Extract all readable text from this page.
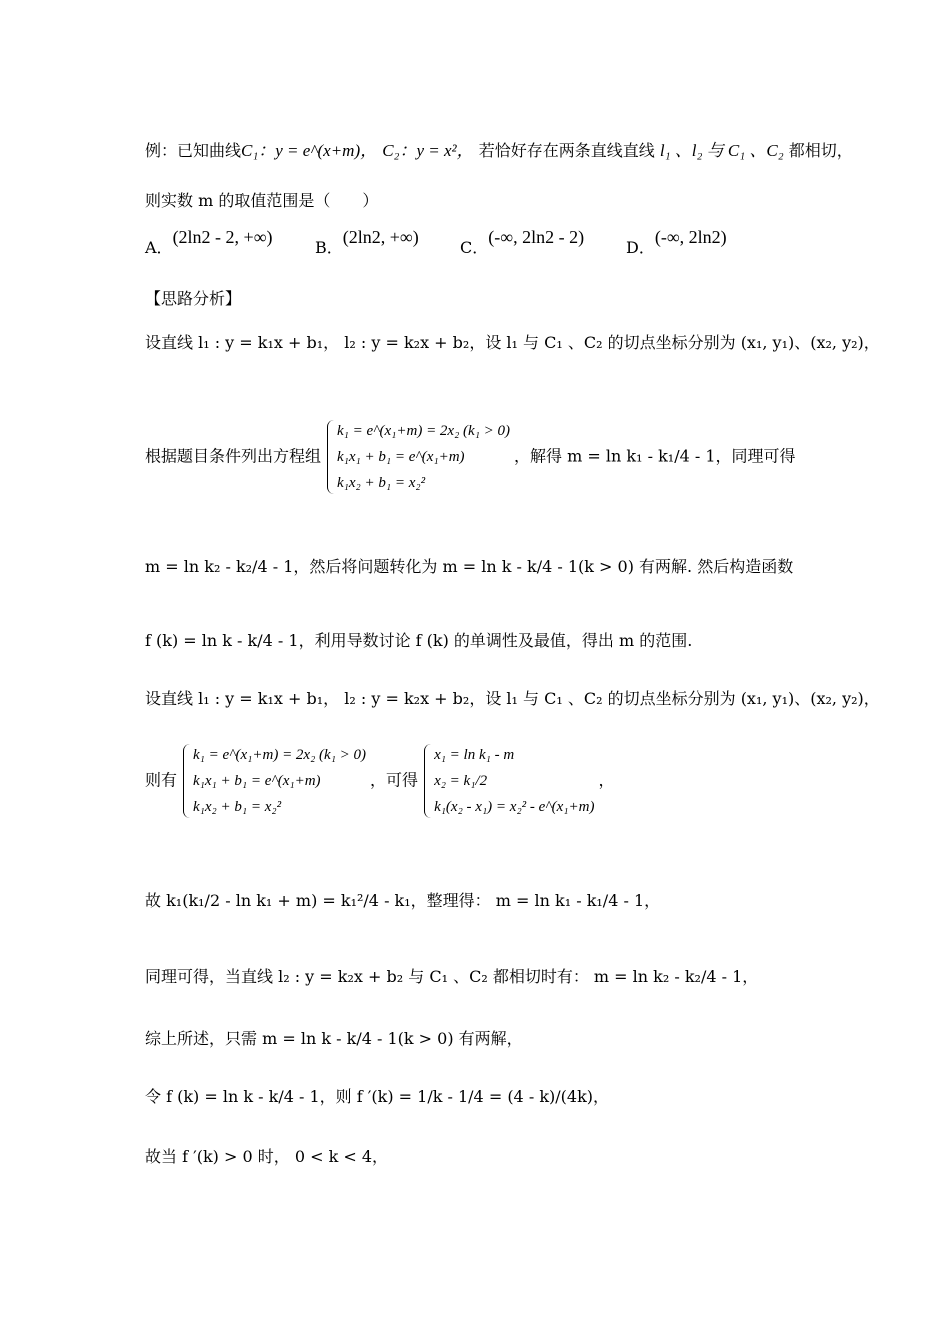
例：已知曲线C₁：y = e^(x+m)， C₂：y = x²， 若恰好存在两条直线直线 l₁ 、l₂ 与 C₁ 、C₂ 都相切，
则实数 m 的取值范围是（　　）
A．(2ln2 - 2, +∞)B．(2ln2, +∞)C．(-∞, 2ln2 - 2)D．(-∞, 2ln2)
【思路分析】
设直线 l₁ : y = k₁x + b₁， l₂ : y = k₂x + b₂，设 l₁ 与 C₁ 、C₂ 的切点坐标分别为 (x₁, y₁)、(x₂, y₂)，
根据题目条件列出方程组
k₁ = e^(x₁+m) = 2x₂ (k₁ > 0)
k₁x₁ + b₁ = e^(x₁+m)
k₁x₂ + b₁ = x₂²
，解得 m = ln k₁ - k₁/4 - 1，同理可得
m = ln k₂ - k₂/4 - 1，然后将问题转化为 m = ln k - k/4 - 1(k > 0) 有两解. 然后构造函数
f (k) = ln k - k/4 - 1，利用导数讨论 f (k) 的单调性及最值，得出 m 的范围.
设直线 l₁ : y = k₁x + b₁， l₂ : y = k₂x + b₂，设 l₁ 与 C₁ 、C₂ 的切点坐标分别为 (x₁, y₁)、(x₂, y₂)，
则有
k₁ = e^(x₁+m) = 2x₂ (k₁ > 0)
k₁x₁ + b₁ = e^(x₁+m)
k₁x₂ + b₁ = x₂²
，可得
x₁ = ln k₁ - m
x₂ = k₁/2
k₁(x₂ - x₁) = x₂² - e^(x₁+m)
，
故 k₁(k₁/2 - ln k₁ + m) = k₁²/4 - k₁，整理得： m = ln k₁ - k₁/4 - 1，
同理可得，当直线 l₂ : y = k₂x + b₂ 与 C₁ 、C₂ 都相切时有： m = ln k₂ - k₂/4 - 1，
综上所述，只需 m = ln k - k/4 - 1(k > 0) 有两解，
令 f (k) = ln k - k/4 - 1，则 f ′(k) = 1/k - 1/4 = (4 - k)/(4k)，
故当 f ′(k) > 0 时， 0 < k < 4，
